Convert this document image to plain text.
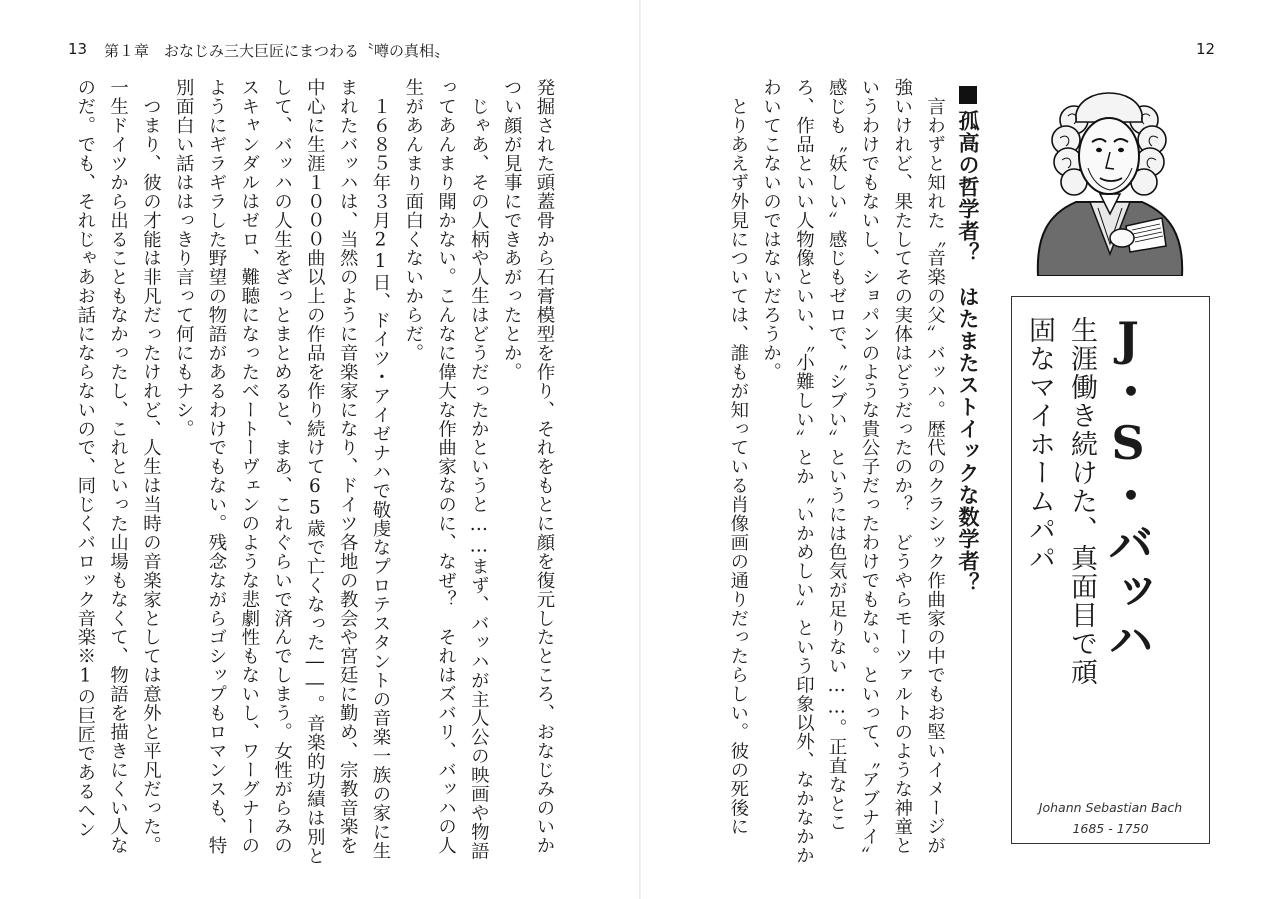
13 第１章　おなじみ三大巨匠にまつわる〝噂の真相〟	12
発掘された頭蓋骨から石膏模型を作り、それをもとに顔を復元したところ、おなじみのいかつい顔が見事にできあがったとか。
　じゃあ、その人柄や人生はどうだったかというと……まず、バッハが主人公の映画や物語ってあんまり聞かない。こんなに偉大な作曲家なのに、なぜ？　それはズバリ、バッハの人生があんまり面白くないからだ。
　１６８５年３月21日、ドイツ・アイゼナハで敬虔なプロテスタントの音楽一族の家に生まれたバッハは、当然のように音楽家になり、ドイツ各地の教会や宮廷に勤め、宗教音楽を中心に生涯１０００曲以上の作品を作り続けて65歳で亡くなった――。音楽的功績は別として、バッハの人生をざっとまとめると、まあ、これぐらいで済んでしまう。女性がらみのスキャンダルはゼロ、難聴になったベートーヴェンのような悲劇性もないし、ワーグナーのようにギラギラした野望の物語があるわけでもない。残念ながらゴシップもロマンスも、特別面白い話ははっきり言って何にもナシ。
　つまり、彼の才能は非凡だったけれど、人生は当時の音楽家としては意外と平凡だった。一生ドイツから出ることもなかったし、これといった山場もなくて、物語を描きにくい人なのだ。でも、それじゃあお話にならないので、同じくバロック音楽※1の巨匠であるヘン	　言わずと知れた〝音楽の父〟バッハ。歴代のクラシック作曲家の中でもお堅いイメージが強いけれど、果たしてその実体はどうだったのか？　どうやらモーツァルトのような神童というわけでもないし、ショパンのような貴公子だったわけでもない。といって、〝アブナイ〟感じも〝妖しい〟感じもゼロで、〝シブい〟というには色気が足りない……。正直なところ、作品といい人物像といい、〝小難しい〟とか〝いかめしい〟という印象以外、なかなかかわいてこないのではないだろうか。
　とりあえず外見については、誰もが知っている肖像画の通りだったらしい。彼の死後に	孤高の哲学者？　はたまたストイックな数学者？	J・S・バッハ
生涯働き続けた、真面目で頑固なマイホームパパ
Johann Sebastian Bach
1685 - 1750
